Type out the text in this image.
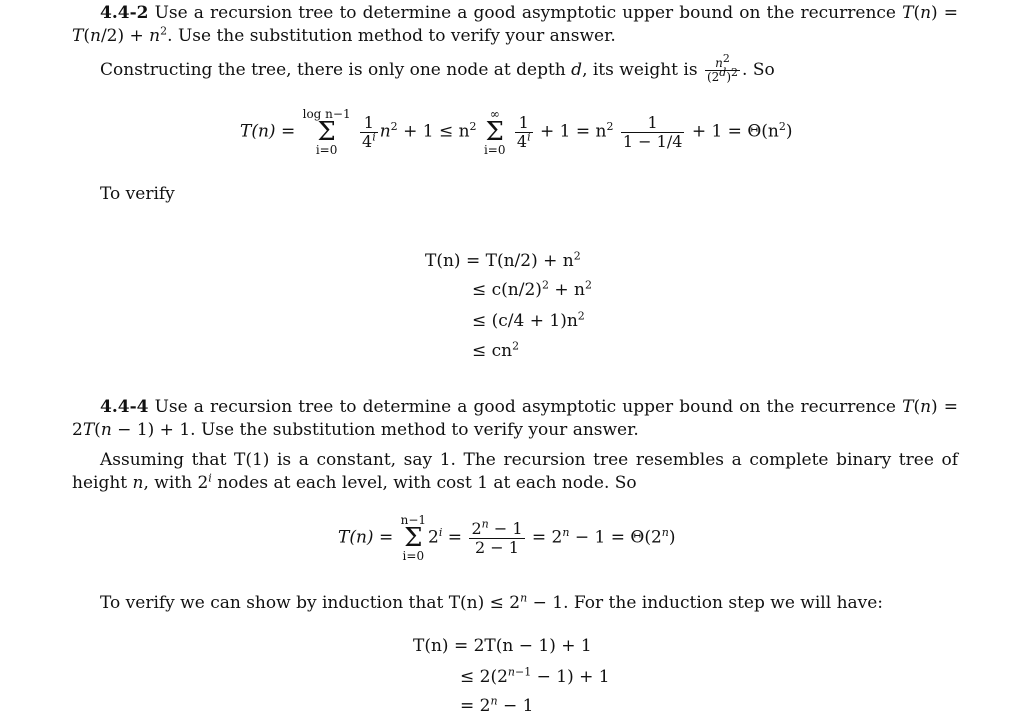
4.4-2 Use a recursion tree to determine a good asymptotic upper bound on the recurrence $T(n) = T(n/2) + n^2$. Use the substitution method to verify your answer.

Constructing the tree, there is only one node at depth d, its weight is $\frac{n^2}{(2^d)^2}$ . So

T(n) =
log n−1
Σ
i=0
	$\frac{1}{4^i} n^2 + 1 \le n^2$
∞
Σ
i=0
$\frac{1}{4^i} + 1 = n^2 \frac{1}{1 - 1/4} + 1 = \Theta(n^2)$

To verify

$T(n) = T(n/2) + n^2$
≤ $c(n/2)^2 + n^2$
≤ $(c/4 + 1)n^2$
≤ $cn^2$

4.4-4 Use a recursion tree to determine a good asymptotic upper bound on the recurrence T(n) = 2T(n − 1) + 1. Use the substitution method to verify your answer.

Assuming that T(1) is a constant, say 1. The recursion tree resembles a complete binary tree of height n, with 2$^i$ nodes at each level, with cost 1 at each node. So

T(n) =
n−1
Σ
i=0
$2^i = \frac{2^n - 1}{2 - 1} = 2^n - 1 = \Theta(2^n)$

To verify we can show by induction that $T(n) \le 2^n - 1$. For the induction step we will have:

T(n) = 2T(n − 1) + 1
≤ $2(2^{n-1} - 1) + 1$
= $2^n - 1$
